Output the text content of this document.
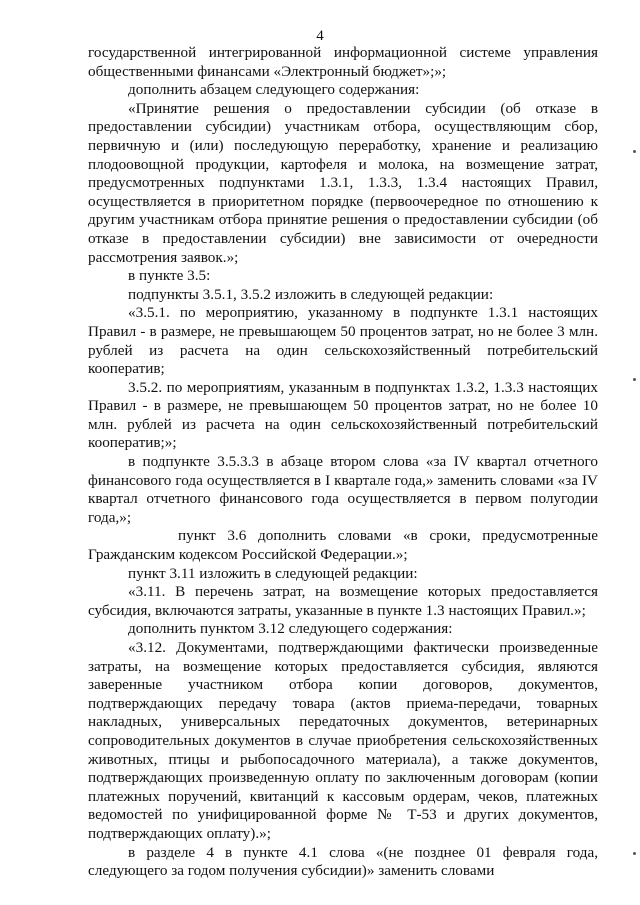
4

государственной интегрированной информационной системе управления общественными финансами «Электронный бюджет»;»;

дополнить абзацем следующего содержания:

«Принятие решения о предоставлении субсидии (об отказе в предоставлении субсидии) участникам отбора, осуществляющим сбор, первичную и (или) последующую переработку, хранение и реализацию плодоовощной продукции, картофеля и молока, на возмещение затрат, предусмотренных подпунктами 1.3.1, 1.3.3, 1.3.4 настоящих Правил, осуществляется в приоритетном порядке (первоочередное по отношению к другим участникам отбора принятие решения о предоставлении субсидии (об отказе в предоставлении субсидии) вне зависимости от очередности рассмотрения заявок.»;

в пункте 3.5:

подпункты 3.5.1, 3.5.2 изложить в следующей редакции:

«3.5.1. по мероприятию, указанному в подпункте 1.3.1 настоящих Правил - в размере, не превышающем 50 процентов затрат, но не более 3 млн. рублей из расчета на один сельскохозяйственный потребительский кооператив;

3.5.2. по мероприятиям, указанным в подпунктах 1.3.2, 1.3.3 настоящих Правил - в размере, не превышающем 50 процентов затрат, но не более 10 млн. рублей из расчета на один сельскохозяйственный потребительский кооператив;»;

в подпункте 3.5.3.3 в абзаце втором слова «за IV квартал отчетного финансового года осуществляется в I квартале года,» заменить словами «за IV квартал отчетного финансового года осуществляется в первом полугодии года,»;

пункт 3.6 дополнить словами «в сроки, предусмотренные Гражданским кодексом Российской Федерации.»;

пункт 3.11 изложить в следующей редакции:

«3.11. В перечень затрат, на возмещение которых предоставляется субсидия, включаются затраты, указанные в пункте 1.3 настоящих Правил.»;

дополнить пунктом 3.12 следующего содержания:

«3.12. Документами, подтверждающими фактически произведенные затраты, на возмещение которых предоставляется субсидия, являются заверенные участником отбора копии договоров, документов, подтверждающих передачу товара (актов приема-передачи, товарных накладных, универсальных передаточных документов, ветеринарных сопроводительных документов в случае приобретения сельскохозяйственных животных, птицы и рыбопосадочного материала), а также документов, подтверждающих произведенную оплату по заключенным договорам (копии платежных поручений, квитанций к кассовым ордерам, чеков, платежных ведомостей по унифицированной форме № Т-53 и других документов, подтверждающих оплату).»;

в разделе 4 в пункте 4.1 слова «(не позднее 01 февраля года, следующего за годом получения субсидии)» заменить словами
